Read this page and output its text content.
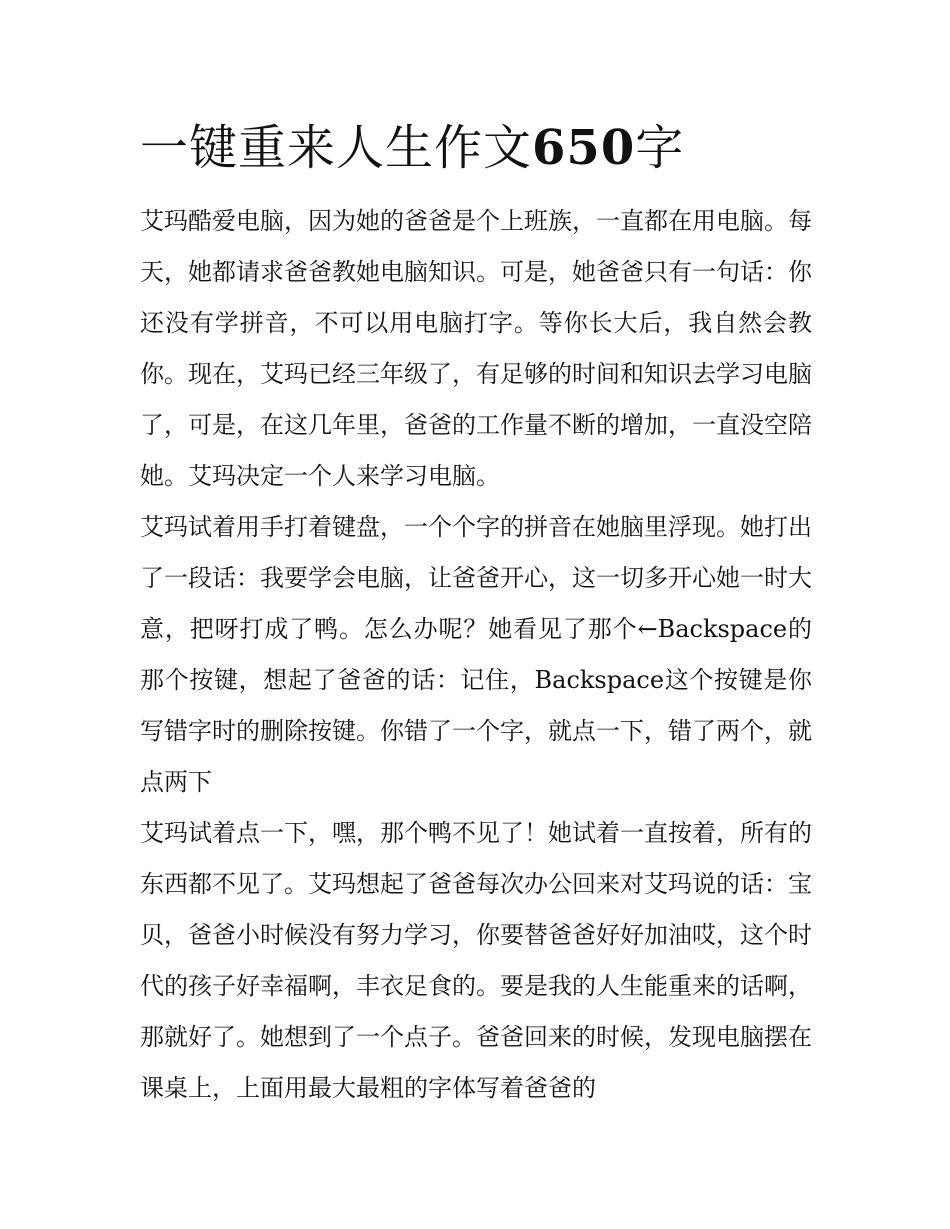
一键重来人生作文650字

艾玛酷爱电脑，因为她的爸爸是个上班族，一直都在用电脑。每天，她都请求爸爸教她电脑知识。可是，她爸爸只有一句话：你还没有学拼音，不可以用电脑打字。等你长大后，我自然会教你。现在，艾玛已经三年级了，有足够的时间和知识去学习电脑了，可是，在这几年里，爸爸的工作量不断的增加，一直没空陪她。艾玛决定一个人来学习电脑。

艾玛试着用手打着键盘，一个个字的拼音在她脑里浮现。她打出了一段话：我要学会电脑，让爸爸开心，这一切多开心她一时大意，把呀打成了鸭。怎么办呢？她看见了那个←Backspace的那个按键，想起了爸爸的话：记住，Backspace这个按键是你写错字时的删除按键。你错了一个字，就点一下，错了两个，就点两下

艾玛试着点一下，嘿，那个鸭不见了！她试着一直按着，所有的东西都不见了。艾玛想起了爸爸每次办公回来对艾玛说的话：宝贝，爸爸小时候没有努力学习，你要替爸爸好好加油哎，这个时代的孩子好幸福啊，丰衣足食的。要是我的人生能重来的话啊，那就好了。她想到了一个点子。爸爸回来的时候，发现电脑摆在课桌上，上面用最大最粗的字体写着爸爸的
